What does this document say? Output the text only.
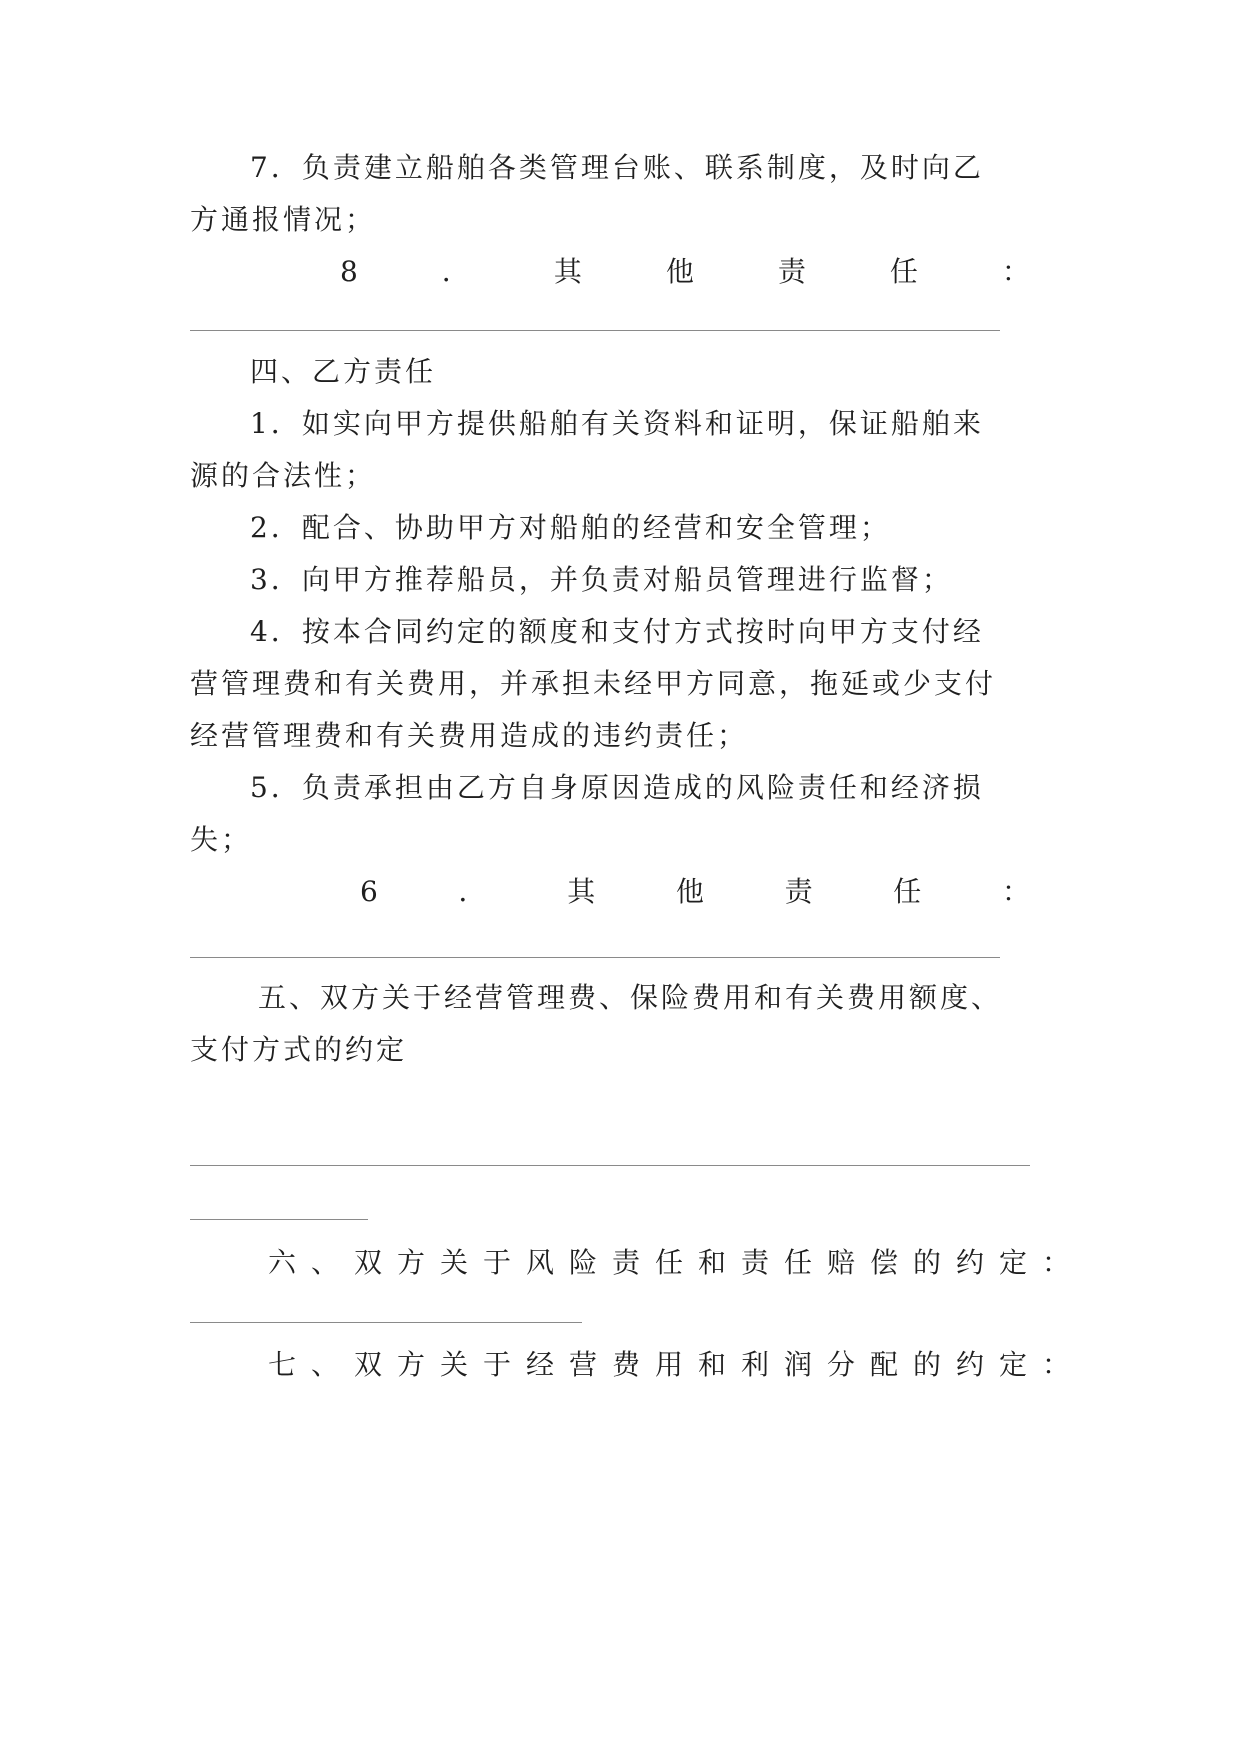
7．负责建立船舶各类管理台账、联系制度，及时向乙
方通报情况；
8	．	其	他	责	任	：
四、乙方责任
1．如实向甲方提供船舶有关资料和证明，保证船舶来
源的合法性；
2．配合、协助甲方对船舶的经营和安全管理；
3．向甲方推荐船员，并负责对船员管理进行监督；
4．按本合同约定的额度和支付方式按时向甲方支付经
营管理费和有关费用，并承担未经甲方同意，拖延或少支付
经营管理费和有关费用造成的违约责任；
5．负责承担由乙方自身原因造成的风险责任和经济损
失；
6	．	其	他	责	任	：
五、双方关于经营管理费、保险费用和有关费用额度、
支付方式的约定
六、双方关于风险责任和责任赔偿的约定：
七、双方关于经营费用和利润分配的约定：
